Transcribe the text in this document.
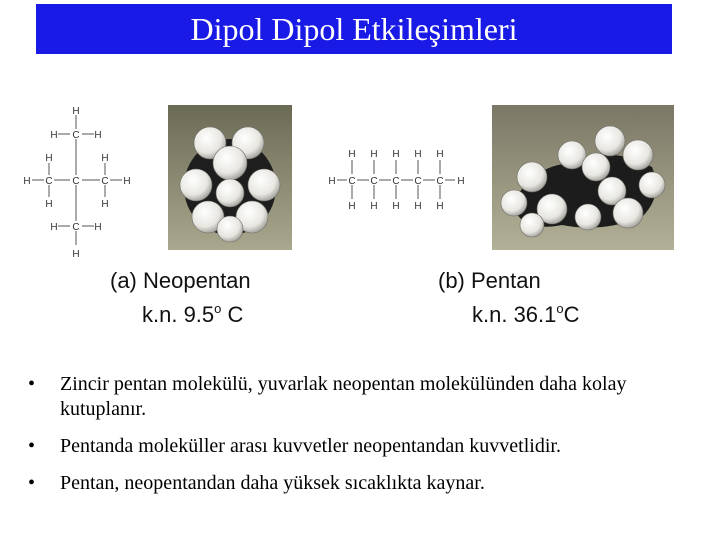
Dipol Dipol Etkileşimleri
H
C
H	H
H	H
H C C C H
H	H
C
H	H
H
H H H H H
H C C C C C H
H H H H H
(a) Neopentan
k.n. 9.5$^o$ C
(b) Pentan
k.n. 36.1$^o$C
• Zincir pentan molekülü, yuvarlak neopentan molekülünden daha kolay kutuplanır.
• Pentanda moleküller arası kuvvetler neopentandan kuvvetlidir.
• Pentan, neopentandan daha yüksek sıcaklıkta kaynar.
